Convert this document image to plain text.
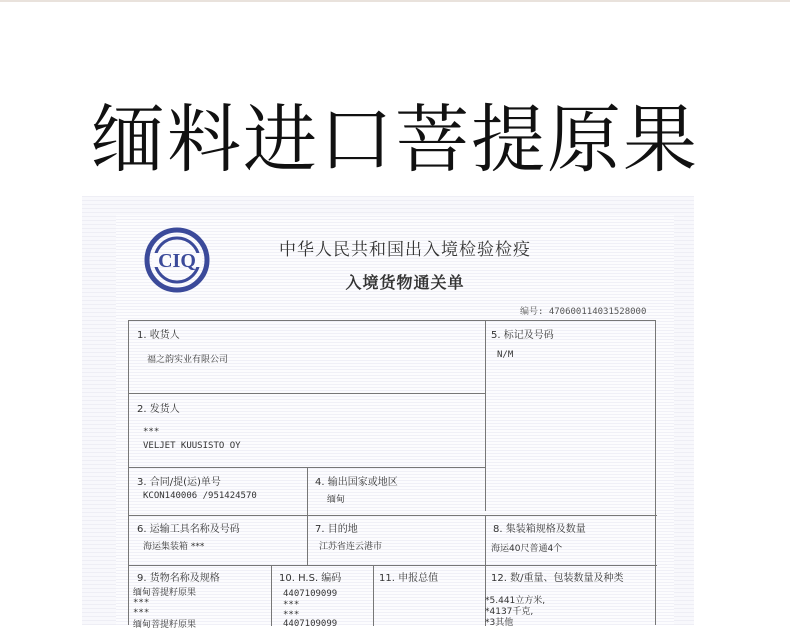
缅料进口菩提原果
CIQ	中华人民共和国出入境检验检疫
入境货物通关单
编号: 470600114031528000
1. 收货人
福之韵实业有限公司
5. 标记及号码
N/M
2. 发货人
***
VELJET KUUSISTO OY
3. 合同/提(运)单号
KCON140006 /951424570
4. 输出国家或地区
缅甸
6. 运输工具名称及号码
海运集装箱 ***
7. 目的地
江苏省连云港市
8. 集装箱规格及数量
海运40尺普通4个
9. 货物名称及规格
缅甸菩提籽原果
***
***
缅甸菩提籽原果
10. H.S. 编码
4407109099
***
***
4407109099
11. 申报总值	12. 数/重量、包装数量及种类
*5.441立方米,
*4137千克,
*3其他
